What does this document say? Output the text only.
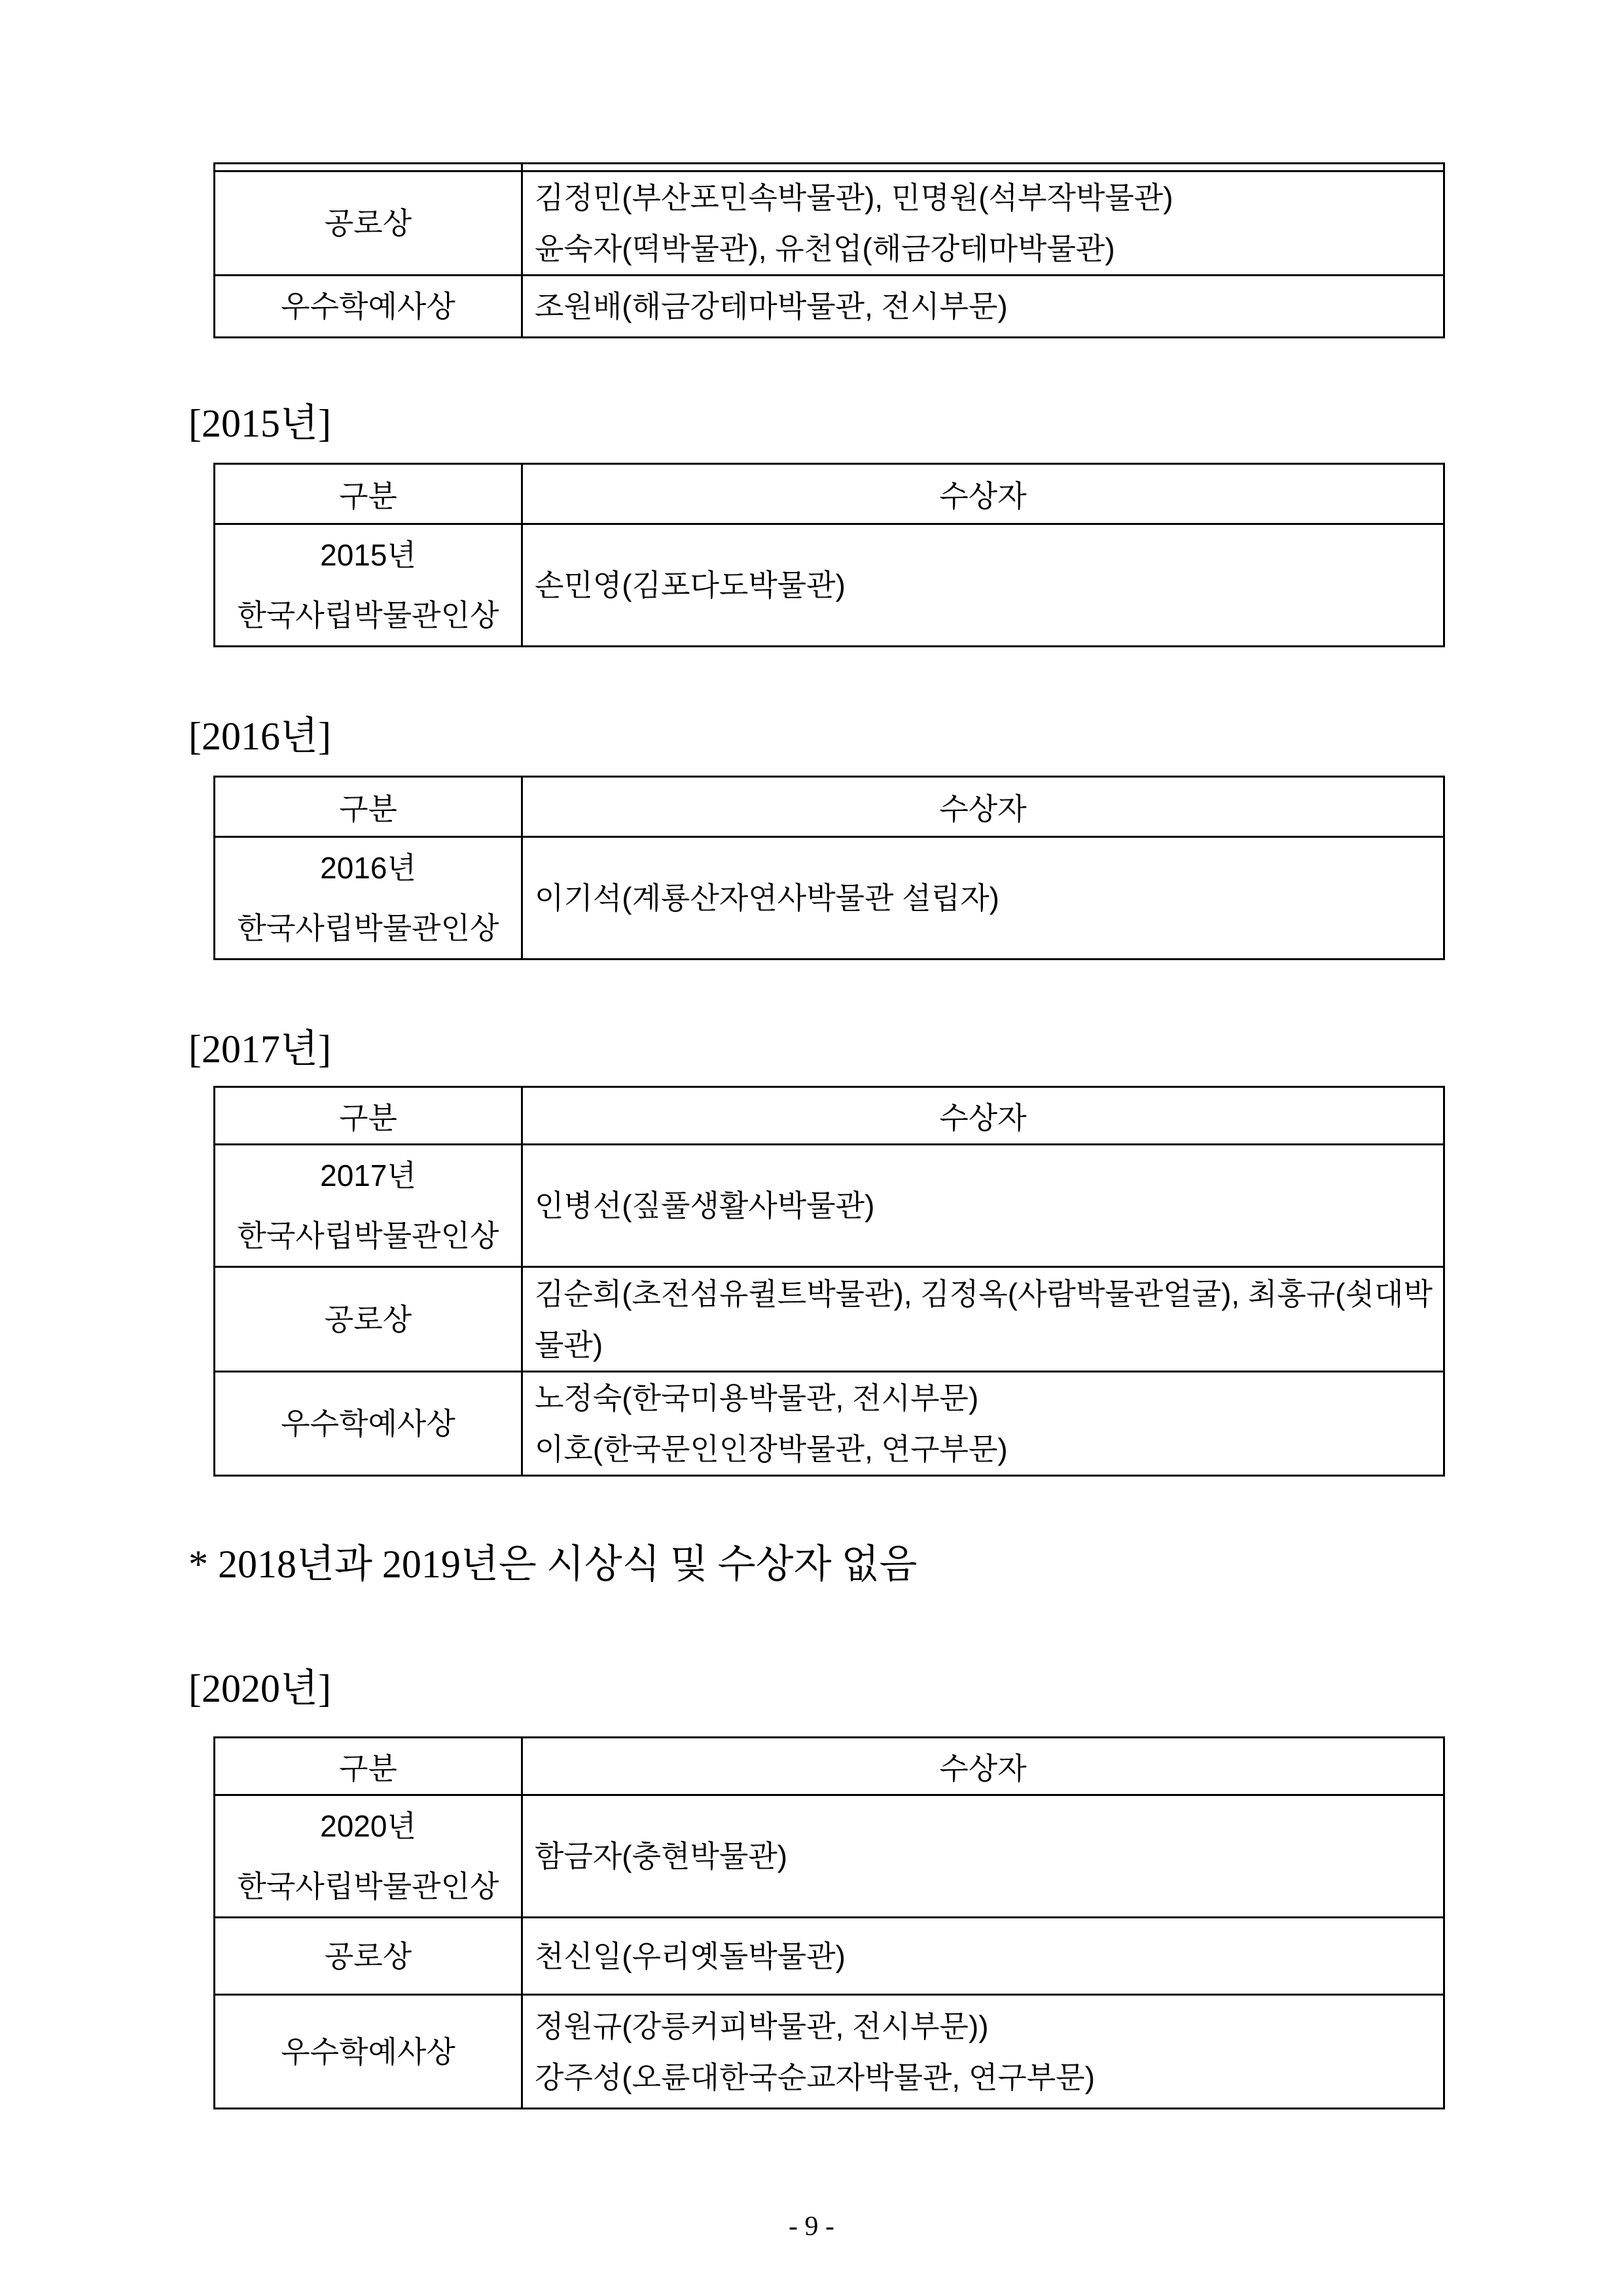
공로상	김정민(부산포민속박물관), 민명원(석부작박물관)
윤숙자(떡박물관), 유천업(해금강테마박물관)

우수학예사상	조원배(해금강테마박물관, 전시부문)
[2015년]
구분	수상자

2015년
한국사립박물관인상	손민영(김포다도박물관)
[2016년]
구분	수상자

2016년
한국사립박물관인상	이기석(계룡산자연사박물관 설립자)
[2017년]
구분	수상자

2017년
한국사립박물관인상	인병선(짚풀생활사박물관)

공로상	김순희(초전섬유퀼트박물관), 김정옥(사람박물관얼굴), 최홍규(쇳대박물관)

우수학예사상	노정숙(한국미용박물관, 전시부문)
이호(한국문인인장박물관, 연구부문)
* 2018년과 2019년은 시상식 및 수상자 없음
[2020년]
구분	수상자

2020년
한국사립박물관인상	함금자(충현박물관)

공로상	천신일(우리옛돌박물관)

우수학예사상	정원규(강릉커피박물관, 전시부문))
강주성(오륜대한국순교자박물관, 연구부문)
- 9 -
